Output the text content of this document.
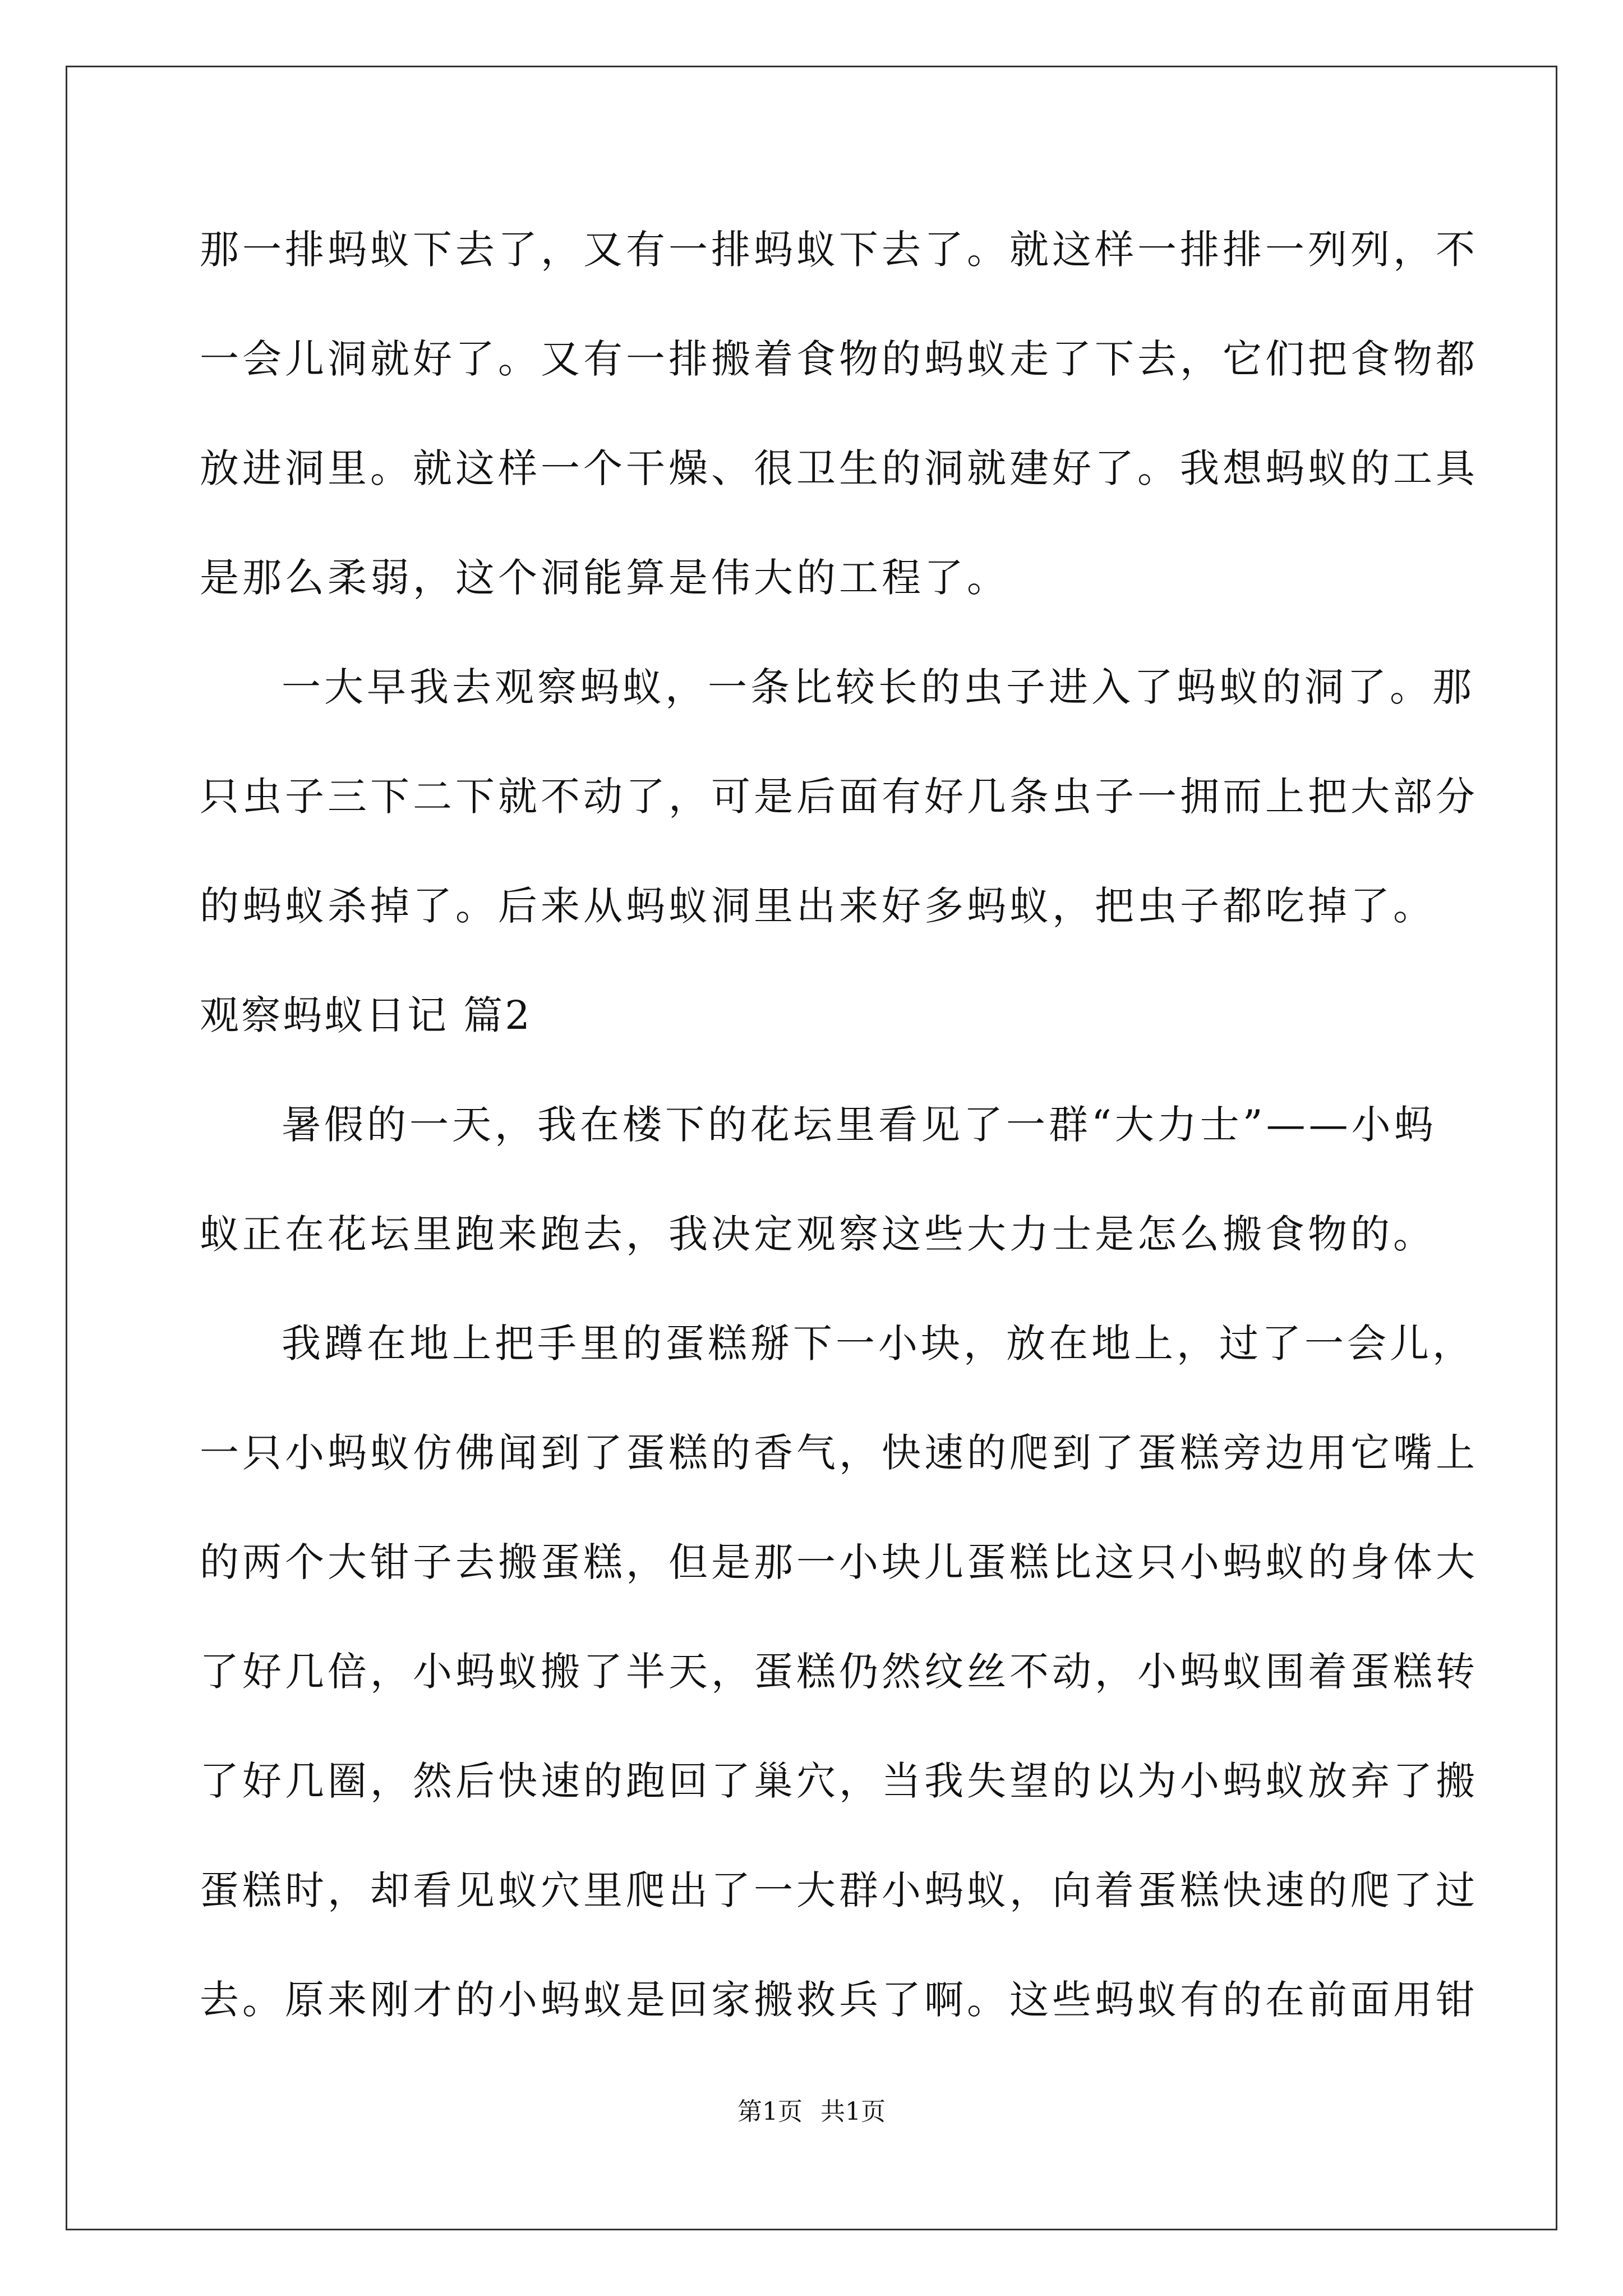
那一排蚂蚁下去了，又有一排蚂蚁下去了。就这样一排排一列列，不
一会儿洞就好了。又有一排搬着食物的蚂蚁走了下去，它们把食物都
放进洞里。就这样一个干燥、很卫生的洞就建好了。我想蚂蚁的工具
是那么柔弱，这个洞能算是伟大的工程了。
一大早我去观察蚂蚁，一条比较长的虫子进入了蚂蚁的洞了。那
只虫子三下二下就不动了，可是后面有好几条虫子一拥而上把大部分
的蚂蚁杀掉了。后来从蚂蚁洞里出来好多蚂蚁，把虫子都吃掉了。
观察蚂蚁日记 篇2
暑假的一天，我在楼下的花坛里看见了一群“大力士”——小蚂
蚁正在花坛里跑来跑去，我决定观察这些大力士是怎么搬食物的。
我蹲在地上把手里的蛋糕掰下一小块，放在地上，过了一会儿，
一只小蚂蚁仿佛闻到了蛋糕的香气，快速的爬到了蛋糕旁边用它嘴上
的两个大钳子去搬蛋糕，但是那一小块儿蛋糕比这只小蚂蚁的身体大
了好几倍，小蚂蚁搬了半天，蛋糕仍然纹丝不动，小蚂蚁围着蛋糕转
了好几圈，然后快速的跑回了巢穴，当我失望的以为小蚂蚁放弃了搬
蛋糕时，却看见蚁穴里爬出了一大群小蚂蚁，向着蛋糕快速的爬了过
去。原来刚才的小蚂蚁是回家搬救兵了啊。这些蚂蚁有的在前面用钳
第1页 共1页
